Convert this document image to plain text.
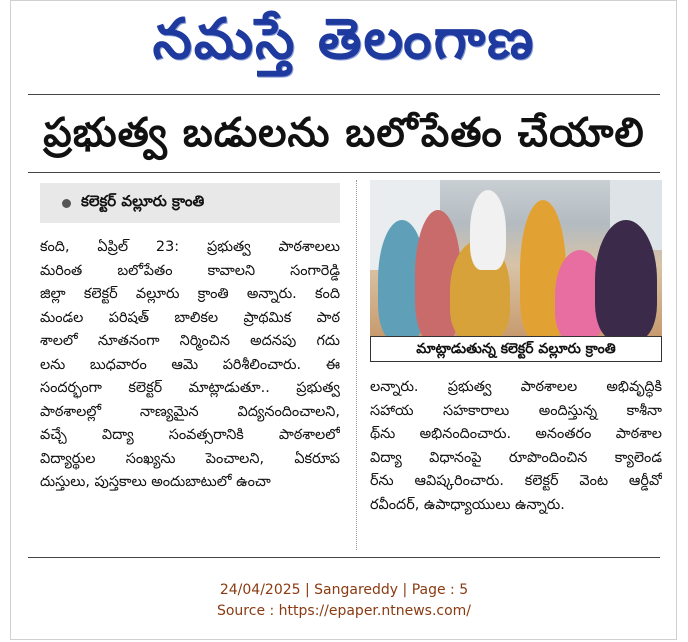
నమస్తే తెలంగాణ
ప్రభుత్వ బడులను బలోపేతం చేయాలి
కలెక్టర్ వల్లూరు క్రాంతి
కంది, ఏప్రిల్ 23: ప్రభుత్వ పాఠశాలలు
మరింత బలోపేతం కావాలని సంగారెడ్డి
జిల్లా కలెక్టర్ వల్లూరు క్రాంతి అన్నారు. కంది
మండల పరిషత్ బాలికల ప్రాథమిక పాఠ
శాలలో నూతనంగా నిర్మించిన అదనపు గదు
లను బుధవారం ఆమె పరిశీలించారు. ఈ
సందర్భంగా కలెక్టర్ మాట్లాడుతూ.. ప్రభుత్వ
పాఠశాలల్లో నాణ్యమైన విద్యనందించాలని,
వచ్చే విద్యా సంవత్సరానికి పాఠశాలలో
విద్యార్థుల సంఖ్యను పెంచాలని, ఏకరూప
దుస్తులు, పుస్తకాలు అందుబాటులో ఉంచా
మాట్లాడుతున్న కలెక్టర్ వల్లూరు క్రాంతి
లన్నారు. ప్రభుత్వ పాఠశాలల అభివృద్ధికి
సహాయ సహకారాలు అందిస్తున్న కాశీనా
థ్‌ను అభినందించారు. అనంతరం పాఠశాల
విద్యా విధానంపై రూపొందించిన క్యాలెండ
ర్‌ను ఆవిష్కరించారు. కలెక్టర్ వెంట ఆర్డీవో
రవీందర్, ఉపాధ్యాయులు ఉన్నారు.
24/04/2025 | Sangareddy | Page : 5
Source : https://epaper.ntnews.com/
